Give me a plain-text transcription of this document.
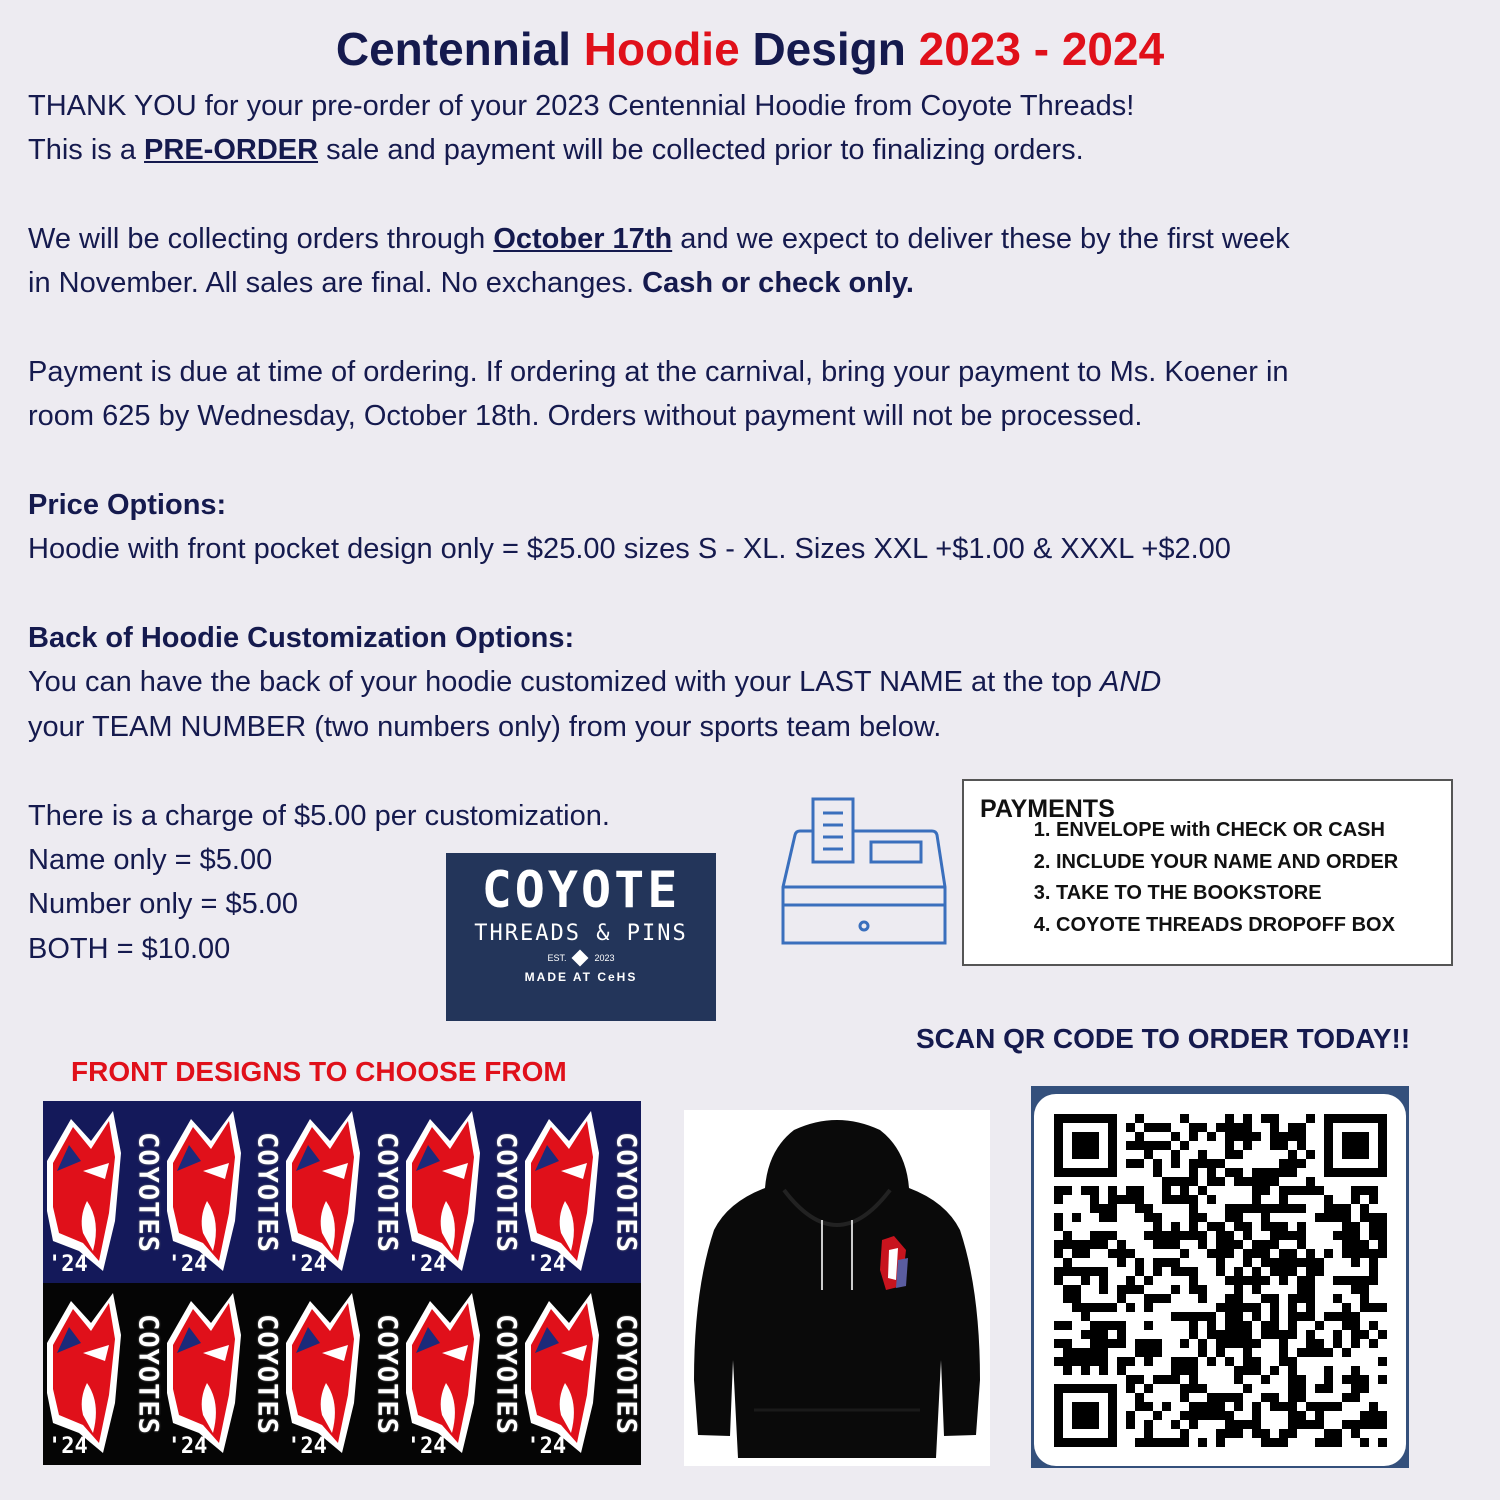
Centennial Hoodie Design 2023 - 2024
THANK YOU for your pre-order of your 2023 Centennial Hoodie from Coyote Threads!
This is a PRE-ORDER sale and payment will be collected prior to finalizing orders.
We will be collecting orders through October 17th and we expect to deliver these by the first week
in November. All sales are final. No exchanges. Cash or check only.
Payment is due at time of ordering. If ordering at the carnival, bring your payment to Ms. Koener in
room 625 by Wednesday, October 18th. Orders without payment will not be processed.
Price Options:
Hoodie with front pocket design only = $25.00 sizes S - XL. Sizes XXL +$1.00 & XXXL +$2.00
Back of Hoodie Customization Options:
You can have the back of your hoodie customized with your LAST NAME at the top AND
your TEAM NUMBER (two numbers only) from your sports team below.
There is a charge of $5.00 per customization.
Name only = $5.00
Number only = $5.00
BOTH = $10.00
COYOTE
THREADS & PINS
EST.	2023
MADE AT CeHS
PAYMENTS
1. ENVELOPE with CHECK OR CASH
2. INCLUDE YOUR NAME AND ORDER
3. TAKE TO THE BOOKSTORE
4. COYOTE THREADS DROPOFF BOX
SCAN QR CODE TO ORDER TODAY!!
FRONT DESIGNS TO CHOOSE FROM
COYOTES
'24
COYOTES
'24
COYOTES
'24
COYOTES
'24
COYOTES
'24
COYOTES
'24
COYOTES
'24
COYOTES
'24
COYOTES
'24
COYOTES
'24
